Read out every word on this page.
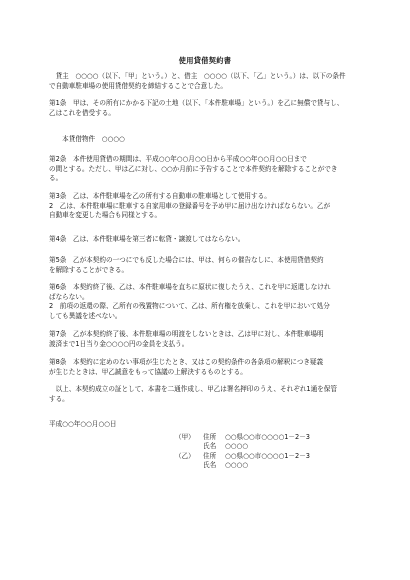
使用貸借契約書

　貸主　○○○○（以下、「甲」という。）と、借主　○○○○（以下、「乙」という。）は、以下の条件
で自動車駐車場の使用貸借契約を締結することで合意した。

第1条　甲は、その所有にかかる下記の土地（以下、「本件駐車場」という。）を乙に無償で貸与し、
乙はこれを借受する。

　　本貸借物件　○○○○

第2条　本件使用貸借の期間は、平成○○年○○月○○日から平成○○年○○月○○日まで
の間とする。ただし、甲は乙に対し、○○か月前に予告することで本件契約を解除することができ
る。

第3条　乙は、本件駐車場を乙の所有する自動車の駐車場として使用する。
2　乙は、本件駐車場に駐車する自家用車の登録番号を予め甲に届け出なければならない。乙が
自動車を変更した場合も同様とする。

第4条　乙は、本件駐車場を第三者に転貸・譲渡してはならない。

第5条　乙が本契約の一つにでも反した場合には、甲は、何らの催告なしに、本使用貸借契約
を解除することができる。

第6条　本契約終了後、乙は、本件駐車場を直ちに原状に復したうえ、これを甲に返還しなけれ
ばならない。
2　前項の返還の際、乙所有の残置物について、乙は、所有権を放棄し、これを甲において処分
しても異議を述べない。

第7条　乙が本契約終了後、本件駐車場の明渡をしないときは、乙は甲に対し、本件駐車場明
渡済まで1日当り金○○○○円の金員を支払う。

第8条　本契約に定めのない事項が生じたとき、又はこの契約条件の各条項の解釈につき疑義
が生じたときは、甲乙誠意をもって協議の上解決するものとする。

　以上、本契約成立の証として、本書を二通作成し、甲乙は署名押印のうえ、それぞれ1通を保管
する。

平成○○年○○月○○日

（甲） 住所 ○○県○○市○○○○1－2－3
氏名 ○○○○
（乙） 住所 ○○県○○市○○○○1－2－3
氏名 ○○○○
